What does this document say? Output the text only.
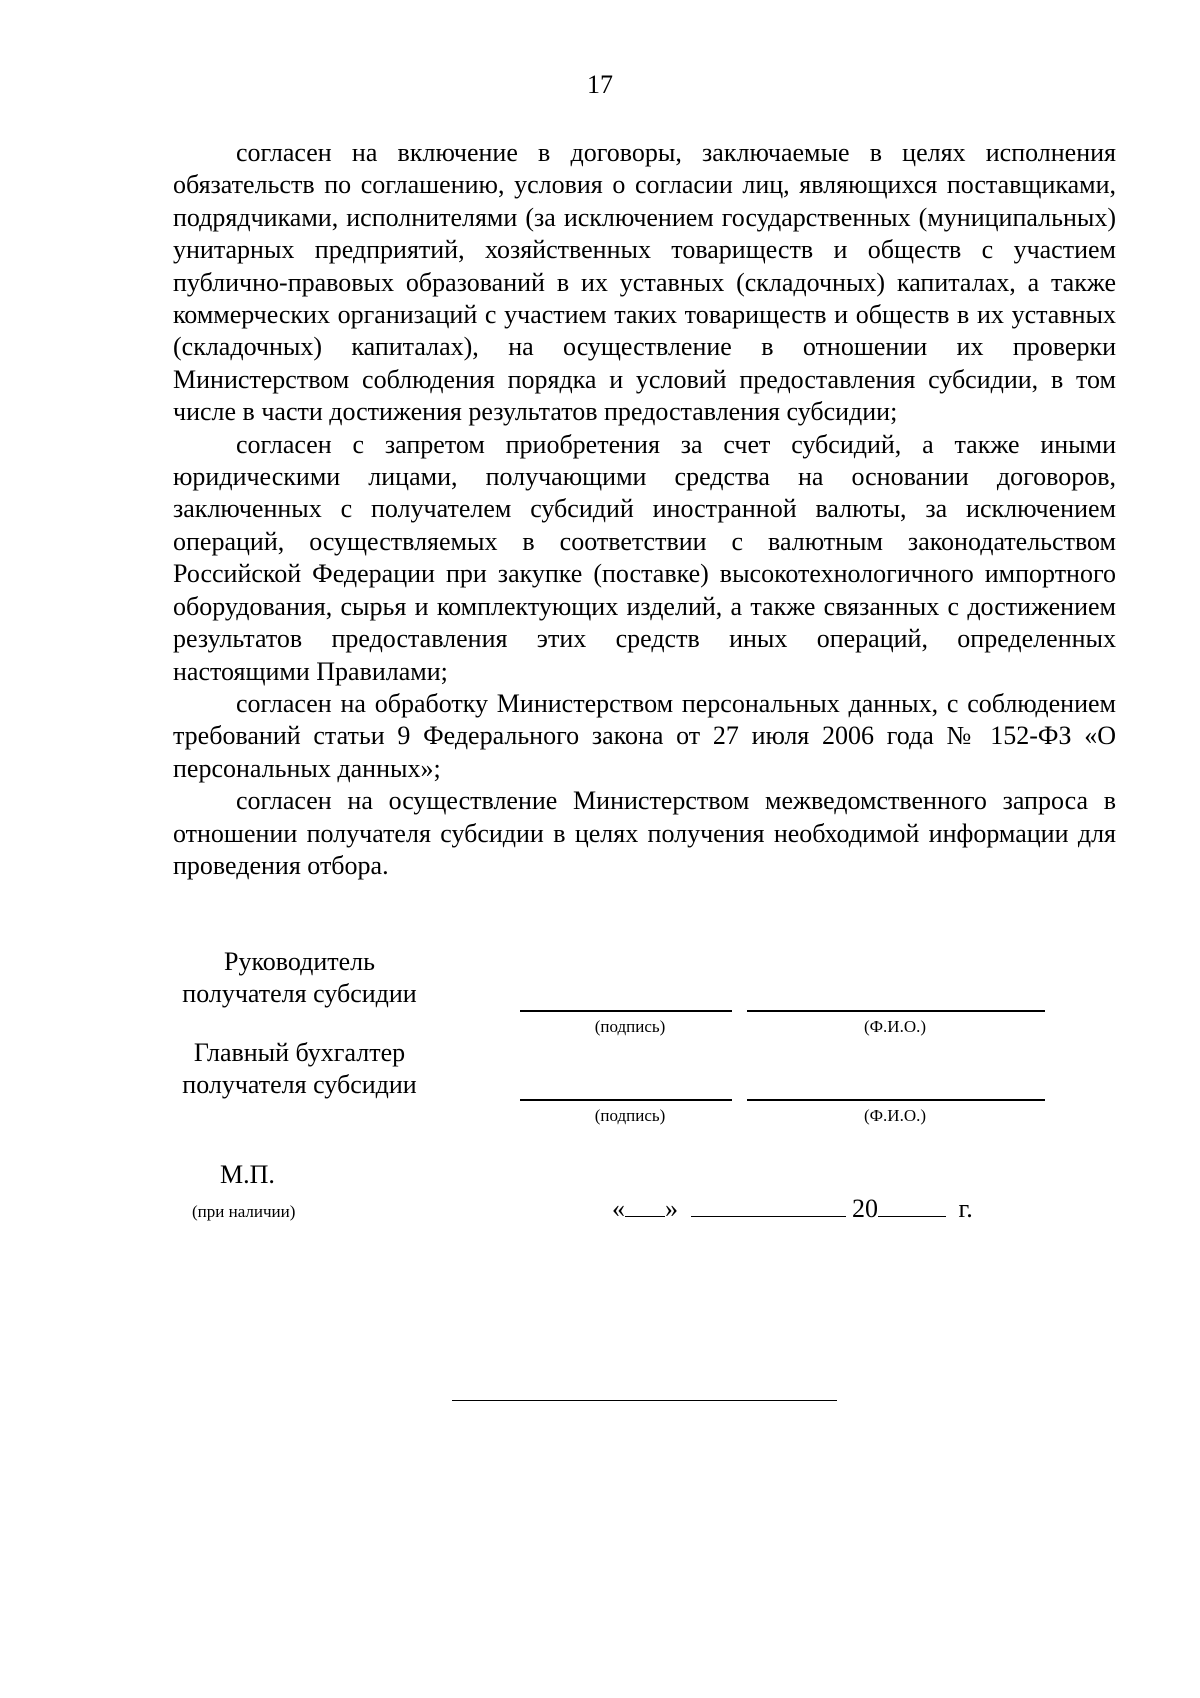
17

согласен на включение в договоры, заключаемые в целях исполнения обязательств по соглашению, условия о согласии лиц, являющихся поставщиками, подрядчиками, исполнителями (за исключением государственных (муниципальных) унитарных предприятий, хозяйственных товариществ и обществ с участием публично-правовых образований в их уставных (складочных) капиталах, а также коммерческих организаций с участием таких товариществ и обществ в их уставных (складочных) капиталах), на осуществление в отношении их проверки Министерством соблюдения порядка и условий предоставления субсидии, в том числе в части достижения результатов предоставления субсидии;

согласен с запретом приобретения за счет субсидий, а также иными юридическими лицами, получающими средства на основании договоров, заключенных с получателем субсидий иностранной валюты, за исключением операций, осуществляемых в соответствии с валютным законодательством Российской Федерации при закупке (поставке) высокотехнологичного импортного оборудования, сырья и комплектующих изделий, а также связанных с достижением результатов предоставления этих средств иных операций, определенных настоящими Правилами;

согласен на обработку Министерством персональных данных, с соблюдением требований статьи 9 Федерального закона от 27 июля 2006 года № 152-ФЗ «О персональных данных»;

согласен на осуществление Министерством межведомственного запроса в отношении получателя субсидии в целях получения необходимой информации для проведения отбора.

Руководитель
получателя субсидии
(подпись)	(Ф.И.О.)
Главный бухгалтер
получателя субсидии
(подпись)	(Ф.И.О.)
М.П.
(при наличии)	« »	20	г.
